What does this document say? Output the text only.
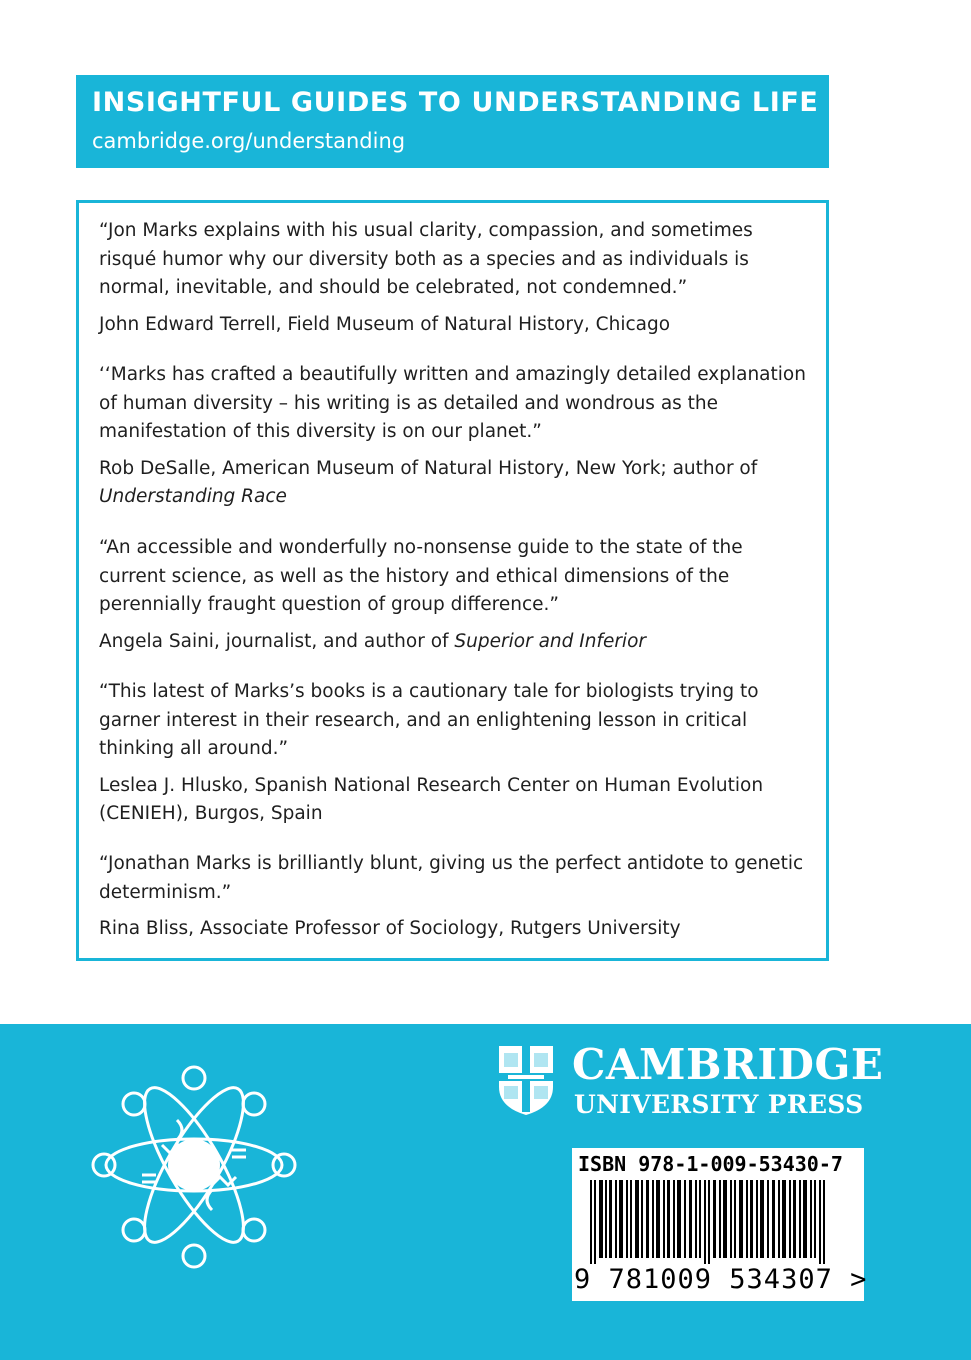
INSIGHTFUL GUIDES TO UNDERSTANDING LIFE
cambridge.org/understanding

“Jon Marks explains with his usual clarity, compassion, and sometimes risqué humor why our diversity both as a species and as individuals is normal, inevitable, and should be celebrated, not condemned.”

John Edward Terrell, Field Museum of Natural History, Chicago

‘‘Marks has crafted a beautifully written and amazingly detailed explanation of human diversity – his writing is as detailed and wondrous as the manifestation of this diversity is on our planet.”

Rob DeSalle, American Museum of Natural History, New York; author of Understanding Race

“An accessible and wonderfully no-nonsense guide to the state of the current science, as well as the history and ethical dimensions of the perennially fraught question of group difference.”

Angela Saini, journalist, and author of Superior and Inferior

“This latest of Marks’s books is a cautionary tale for biologists trying to garner interest in their research, and an enlightening lesson in critical thinking all around.”

Leslea J. Hlusko, Spanish National Research Center on Human Evolution (CENIEH), Burgos, Spain

“Jonathan Marks is brilliantly blunt, giving us the perfect antidote to genetic determinism.”

Rina Bliss, Associate Professor of Sociology, Rutgers University

CAMBRIDGE
UNIVERSITY PRESS
ISBN 978-1-009-53430-7
9 781009 534307 >
